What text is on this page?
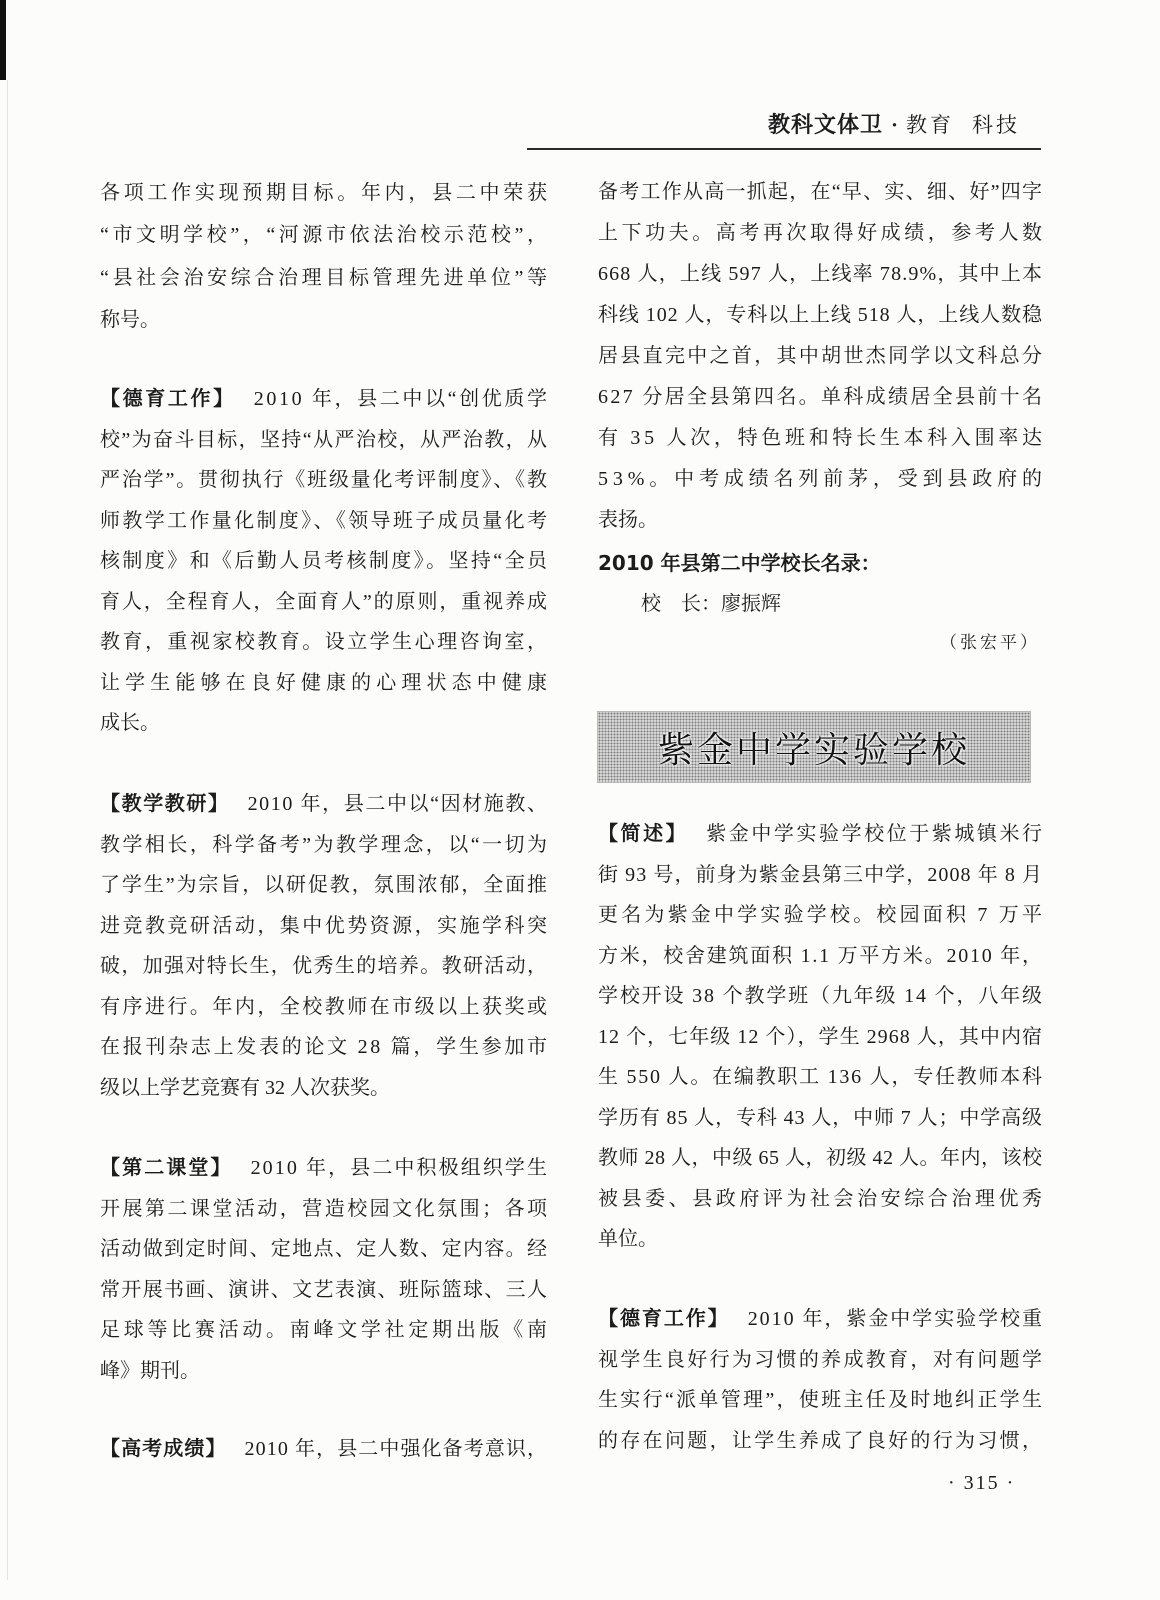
教科文体卫 · 教育 科技
各项工作实现预期目标。年内，县二中荣获
“市文明学校”，“河源市依法治校示范校”，
“县社会治安综合治理目标管理先进单位”等
称号。
【德育工作】 2010 年，县二中以“创优质学
校”为奋斗目标，坚持“从严治校，从严治教，从
严治学”。贯彻执行《班级量化考评制度》、《教
师教学工作量化制度》、《领导班子成员量化考
核制度》和《后勤人员考核制度》。坚持“全员
育人，全程育人，全面育人”的原则，重视养成
教育，重视家校教育。设立学生心理咨询室，
让学生能够在良好健康的心理状态中健康
成长。
【教学教研】 2010 年，县二中以“因材施教、
教学相长，科学备考”为教学理念，以“一切为
了学生”为宗旨，以研促教，氛围浓郁，全面推
进竞教竞研活动，集中优势资源，实施学科突
破，加强对特长生，优秀生的培养。教研活动，
有序进行。年内，全校教师在市级以上获奖或
在报刊杂志上发表的论文 28 篇，学生参加市
级以上学艺竞赛有 32 人次获奖。
【第二课堂】 2010 年，县二中积极组织学生
开展第二课堂活动，营造校园文化氛围；各项
活动做到定时间、定地点、定人数、定内容。经
常开展书画、演讲、文艺表演、班际篮球、三人
足球等比赛活动。南峰文学社定期出版《南
峰》期刊。
【高考成绩】 2010 年，县二中强化备考意识，
备考工作从高一抓起，在“早、实、细、好”四字
上下功夫。高考再次取得好成绩，参考人数
668 人，上线 597 人，上线率 78.9%，其中上本
科线 102 人，专科以上上线 518 人，上线人数稳
居县直完中之首，其中胡世杰同学以文科总分
627 分居全县第四名。单科成绩居全县前十名
有 35 人次，特色班和特长生本科入围率达
53%。中考成绩名列前茅，受到县政府的
表扬。
2010 年县第二中学校长名录：
校　长：廖振辉
（张宏平）
紫金中学实验学校
【简述】 紫金中学实验学校位于紫城镇米行
街 93 号，前身为紫金县第三中学，2008 年 8 月
更名为紫金中学实验学校。校园面积 7 万平
方米，校舍建筑面积 1.1 万平方米。2010 年，
学校开设 38 个教学班（九年级 14 个，八年级
12 个，七年级 12 个），学生 2968 人，其中内宿
生 550 人。在编教职工 136 人，专任教师本科
学历有 85 人，专科 43 人，中师 7 人；中学高级
教师 28 人，中级 65 人，初级 42 人。年内，该校
被县委、县政府评为社会治安综合治理优秀
单位。
【德育工作】 2010 年，紫金中学实验学校重
视学生良好行为习惯的养成教育，对有问题学
生实行“派单管理”，使班主任及时地纠正学生
的存在问题，让学生养成了良好的行为习惯，
· 315 ·
